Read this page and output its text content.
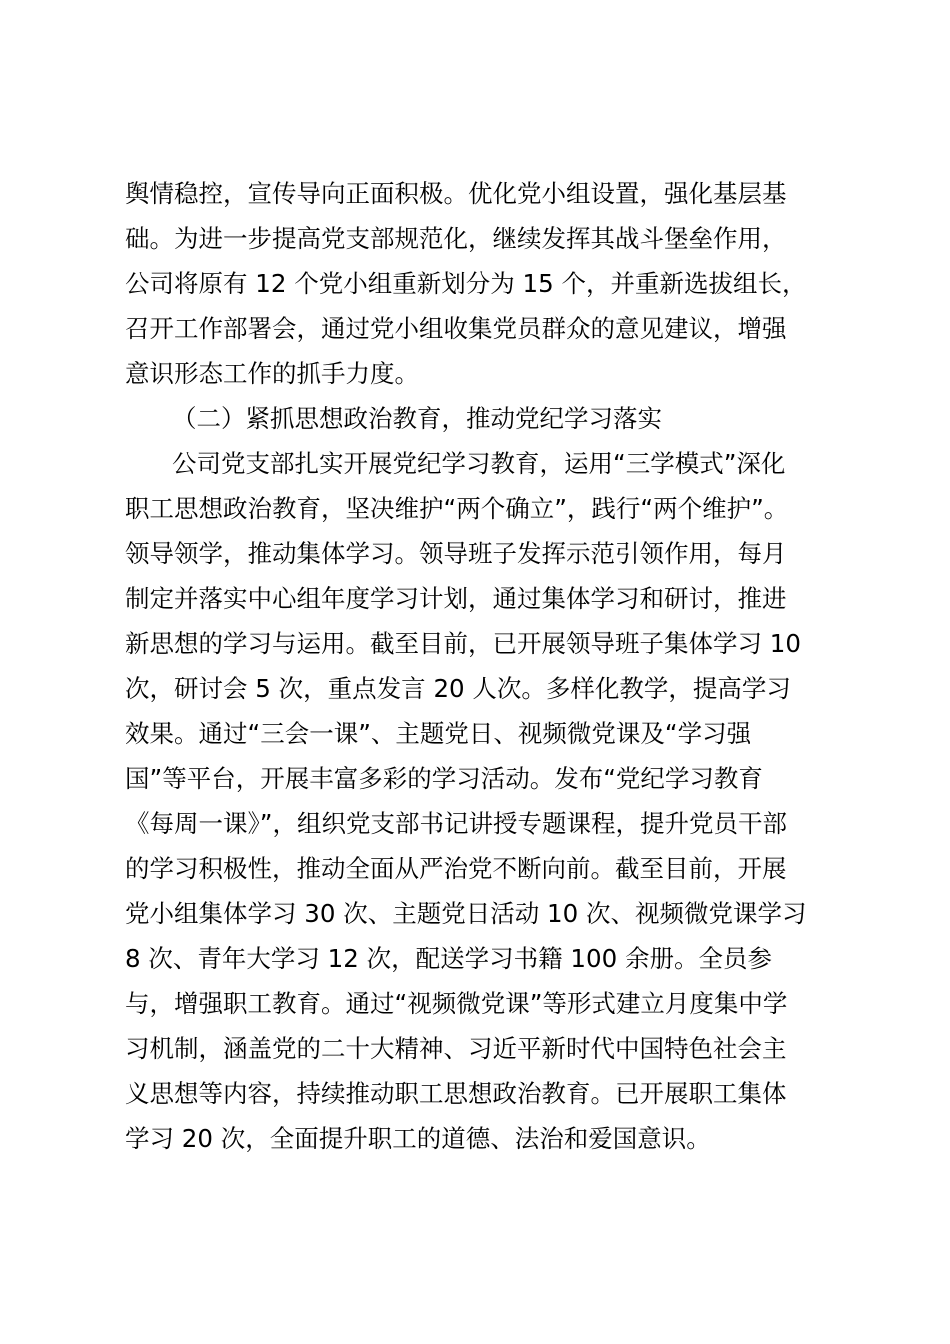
舆情稳控，宣传导向正面积极。优化党小组设置，强化基层基
础。为进一步提高党支部规范化，继续发挥其战斗堡垒作用，
公司将原有 12 个党小组重新划分为 15 个，并重新选拔组长，
召开工作部署会，通过党小组收集党员群众的意见建议，增强
意识形态工作的抓手力度。
（二）紧抓思想政治教育，推动党纪学习落实
公司党支部扎实开展党纪学习教育，运用“三学模式”深化
职工思想政治教育，坚决维护“两个确立”，践行“两个维护”。
领导领学，推动集体学习。领导班子发挥示范引领作用，每月
制定并落实中心组年度学习计划，通过集体学习和研讨，推进
新思想的学习与运用。截至目前，已开展领导班子集体学习 10
次，研讨会 5 次，重点发言 20 人次。多样化教学，提高学习
效果。通过“三会一课”、主题党日、视频微党课及“学习强
国”等平台，开展丰富多彩的学习活动。发布“党纪学习教育
《每周一课》”，组织党支部书记讲授专题课程，提升党员干部
的学习积极性，推动全面从严治党不断向前。截至目前，开展
党小组集体学习 30 次、主题党日活动 10 次、视频微党课学习
8 次、青年大学习 12 次，配送学习书籍 100 余册。全员参
与，增强职工教育。通过“视频微党课”等形式建立月度集中学
习机制，涵盖党的二十大精神、习近平新时代中国特色社会主
义思想等内容，持续推动职工思想政治教育。已开展职工集体
学习 20 次，全面提升职工的道德、法治和爱国意识。
